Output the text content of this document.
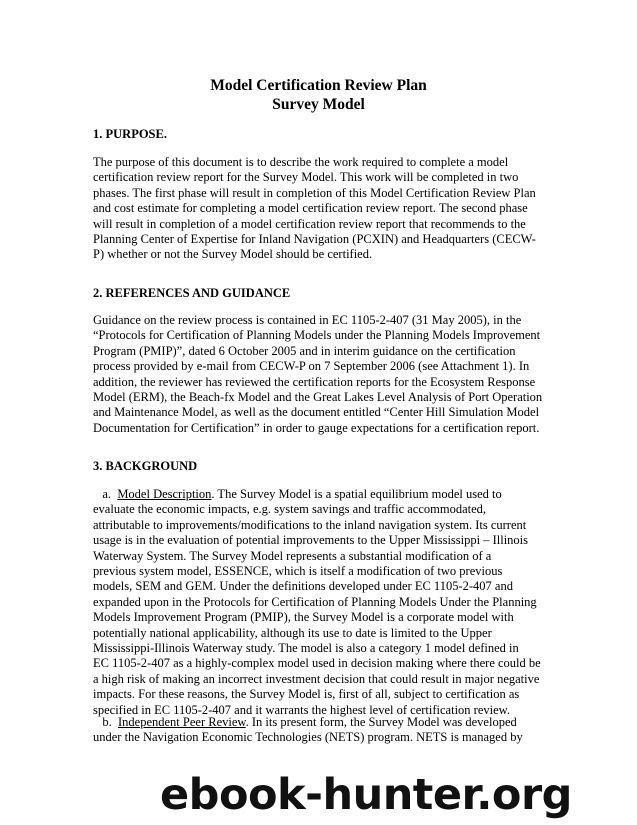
Model Certification Review Plan
Survey Model
1. PURPOSE.
The purpose of this document is to describe the work required to complete a model
certification review report for the Survey Model. This work will be completed in two
phases. The first phase will result in completion of this Model Certification Review Plan
and cost estimate for completing a model certification review report. The second phase
will result in completion of a model certification review report that recommends to the
Planning Center of Expertise for Inland Navigation (PCXIN) and Headquarters (CECW-
P) whether or not the Survey Model should be certified.
2. REFERENCES AND GUIDANCE
Guidance on the review process is contained in EC 1105-2-407 (31 May 2005), in the
“Protocols for Certification of Planning Models under the Planning Models Improvement
Program (PMIP)”, dated 6 October 2005 and in interim guidance on the certification
process provided by e-mail from CECW-P on 7 September 2006 (see Attachment 1). In
addition, the reviewer has reviewed the certification reports for the Ecosystem Response
Model (ERM), the Beach-fx Model and the Great Lakes Level Analysis of Port Operation
and Maintenance Model, as well as the document entitled “Center Hill Simulation Model
Documentation for Certification” in order to gauge expectations for a certification report.
3. BACKGROUND
a.  Model Description. The Survey Model is a spatial equilibrium model used to
evaluate the economic impacts, e.g. system savings and traffic accommodated,
attributable to improvements/modifications to the inland navigation system. Its current
usage is in the evaluation of potential improvements to the Upper Mississippi – Illinois
Waterway System. The Survey Model represents a substantial modification of a
previous system model, ESSENCE, which is itself a modification of two previous
models, SEM and GEM. Under the definitions developed under EC 1105-2-407 and
expanded upon in the Protocols for Certification of Planning Models Under the Planning
Models Improvement Program (PMIP), the Survey Model is a corporate model with
potentially national applicability, although its use to date is limited to the Upper
Mississippi-Illinois Waterway study. The model is also a category 1 model defined in
EC 1105-2-407 as a highly-complex model used in decision making where there could be
a high risk of making an incorrect investment decision that could result in major negative
impacts. For these reasons, the Survey Model is, first of all, subject to certification as
specified in EC 1105-2-407 and it warrants the highest level of certification review.
b.  Independent Peer Review. In its present form, the Survey Model was developed
under the Navigation Economic Technologies (NETS) program. NETS is managed by
ebook-hunter.org
